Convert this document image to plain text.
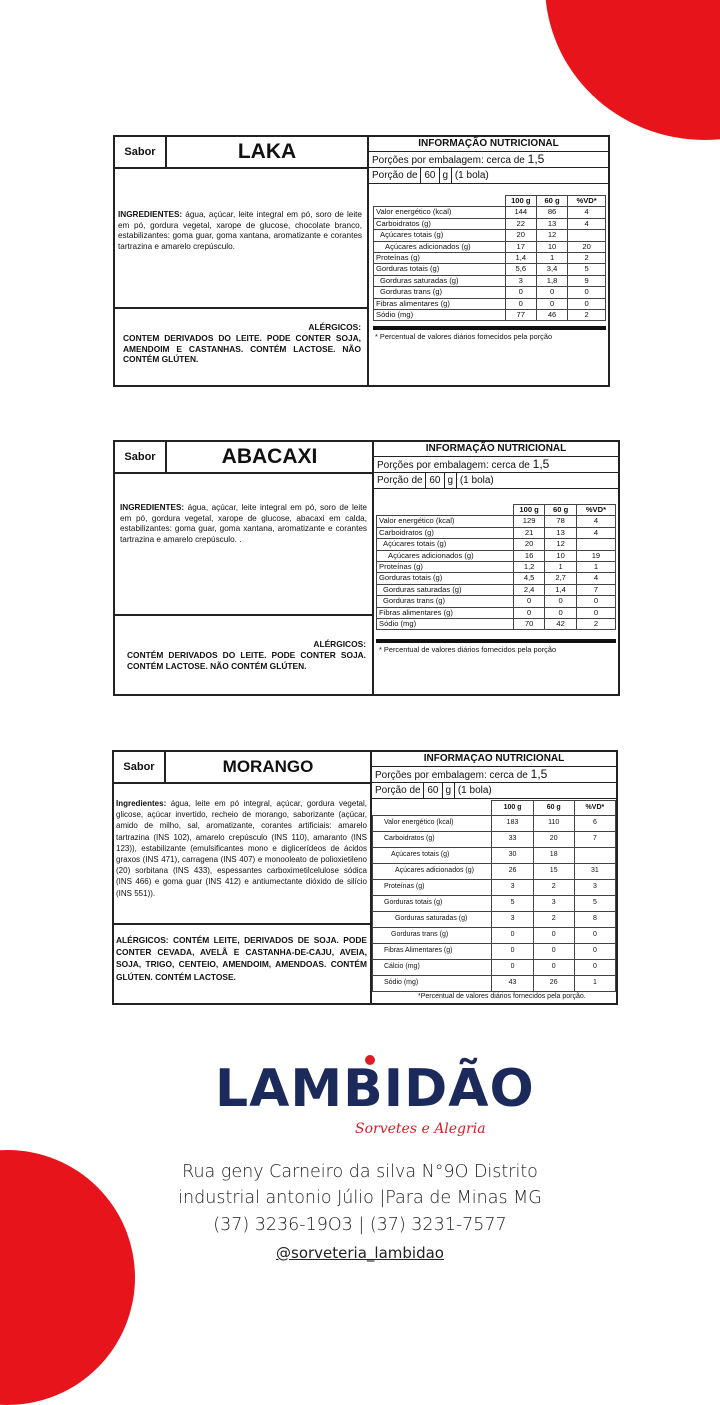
Sabor	LAKA
INGREDIENTES: água, açúcar, leite integral em pó, soro de leite em pó, gordura vegetal, xarope de glucose, chocolate branco, estabilizantes: goma guar, goma xantana, aromatizante e corantes tartrazina e amarelo crepúsculo.
ALÉRGICOS:
CONTEM DERIVADOS DO LEITE. PODE CONTER SOJA, AMENDOIM E CASTANHAS. CONTÉM LACTOSE. NÃO CONTÉM GLÚTEN.
INFORMAÇÃO NUTRICIONAL
Porções por embalagem: cerca de 1,5
Porção de 60 g (1 bola)
	100 g	60 g	%VD*
Valor energético (kcal)	144	86	4
Carboidratos (g)	22	13	4
Açúcares totais (g)	20	12	
Açúcares adicionados (g)	17	10	20
Proteínas (g)	1,4	1	2
Gorduras totais (g)	5,6	3,4	5
Gorduras saturadas (g)	3	1,8	9
Gorduras trans (g)	0	0	0
Fibras alimentares (g)	0	0	0
Sódio (mg)	77	46	2
* Percentual de valores diários fornecidos pela porção
Sabor	ABACAXI
INGREDIENTES: água, açúcar, leite integral em pó, soro de leite em pó, gordura vegetal, xarope de glucose, abacaxi em calda, estabilizantes: goma guar, goma xantana, aromatizante e corantes tartrazina e amarelo crepúsculo. .
ALÉRGICOS:
CONTÉM DERIVADOS DO LEITE. PODE CONTER SOJA. CONTÉM LACTOSE. NÃO CONTÉM GLÚTEN.
INFORMAÇÃO NUTRICIONAL
Porções por embalagem: cerca de 1,5
Porção de 60 g (1 bola)
	100 g	60 g	%VD*
Valor energético (kcal)	129	78	4
Carboidratos (g)	21	13	4
Açúcares totais (g)	20	12	
Açúcares adicionados (g)	16	10	19
Proteínas (g)	1,2	1	1
Gorduras totais (g)	4,5	2,7	4
Gorduras saturadas (g)	2,4	1,4	7
Gorduras trans (g)	0	0	0
Fibras alimentares (g)	0	0	0
Sódio (mg)	70	42	2
* Percentual de valores diários fornecidos pela porção
Sabor	MORANGO
Ingredientes: água, leite em pó integral, açúcar, gordura vegetal, glicose, açúcar invertido, recheio de morango, saborizante (açúcar, amido de milho, sal, aromatizante, corantes artificiais: amarelo tartrazina (INS 102), amarelo crepúsculo (INS 110), amaranto (INS 123)), estabilizante (emulsificantes mono e diglicerídeos de ácidos graxos (INS 471), carragena (INS 407) e monooleato de polioxietileno (20) sorbitana (INS 433), espessantes carboximetilcelulose sódica (INS 466) e goma guar (INS 412) e antiumectante dióxido de silício (INS 551)).
ALÉRGICOS: CONTÉM LEITE, DERIVADOS DE SOJA. PODE CONTER CEVADA, AVELÃ E CASTANHA-DE-CAJU, AVEIA, SOJA, TRIGO, CENTEIO, AMENDOIM, AMENDOAS. CONTÉM GLÚTEN. CONTÉM LACTOSE.
INFORMAÇAO NUTRICIONAL
Porções por embalagem: cerca de 1,5
Porção de 60 g (1 bola)
	100 g	60 g	%VD*
Valor energético (kcal)	183	110	6
Carboidratos (g)	33	20	7
Açúcares totais (g)	30	18	
Açúcares adicionados (g)	26	15	31
Proteínas (g)	3	2	3
Gorduras totais (g)	5	3	5
Gorduras saturadas (g)	3	2	8
Gorduras trans (g)	0	0	0
Fibras Alimentares (g)	0	0	0
Cálcio (mg)	0	0	0
Sódio (mg)	43	26	1
*Percentual de valores diários fornecidos pela porção.
LAMBIDÃO
Sorvetes e Alegria
Rua geny Carneiro da silva N°9O Distrito
industrial antonio Júlio |Para de Minas MG
(37) 3236-19O3 | (37) 3231-7577
@sorveteria_lambidao
